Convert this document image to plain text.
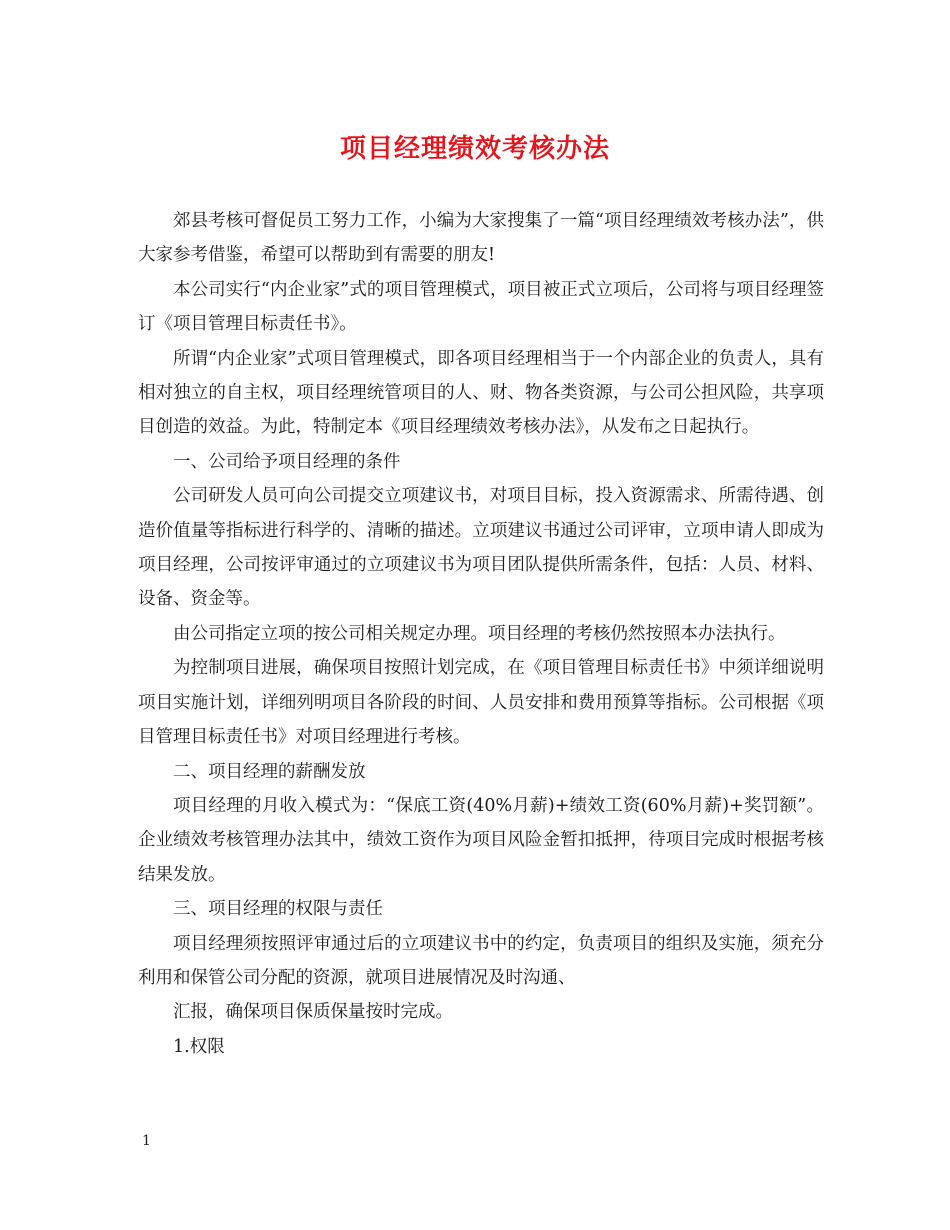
项目经理绩效考核办法

郊县考核可督促员工努力工作，小编为大家搜集了一篇“项目经理绩效考核办法”，供大家参考借鉴，希望可以帮助到有需要的朋友!

本公司实行“内企业家”式的项目管理模式，项目被正式立项后，公司将与项目经理签订《项目管理目标责任书》。

所谓“内企业家”式项目管理模式，即各项目经理相当于一个内部企业的负责人，具有相对独立的自主权，项目经理统管项目的人、财、物各类资源，与公司公担风险，共享项目创造的效益。为此，特制定本《项目经理绩效考核办法》，从发布之日起执行。

一、公司给予项目经理的条件

公司研发人员可向公司提交立项建议书，对项目目标，投入资源需求、所需待遇、创造价值量等指标进行科学的、清晰的描述。立项建议书通过公司评审，立项申请人即成为项目经理，公司按评审通过的立项建议书为项目团队提供所需条件，包括：人员、材料、设备、资金等。

由公司指定立项的按公司相关规定办理。项目经理的考核仍然按照本办法执行。

为控制项目进展，确保项目按照计划完成，在《项目管理目标责任书》中须详细说明项目实施计划，详细列明项目各阶段的时间、人员安排和费用预算等指标。公司根据《项目管理目标责任书》对项目经理进行考核。

二、项目经理的薪酬发放

项目经理的月收入模式为：“保底工资(40%月薪)+绩效工资(60%月薪)+奖罚额”。企业绩效考核管理办法其中，绩效工资作为项目风险金暂扣抵押，待项目完成时根据考核结果发放。

三、项目经理的权限与责任

项目经理须按照评审通过后的立项建议书中的约定，负责项目的组织及实施，须充分利用和保管公司分配的资源，就项目进展情况及时沟通、

汇报，确保项目保质保量按时完成。

1.权限

1
